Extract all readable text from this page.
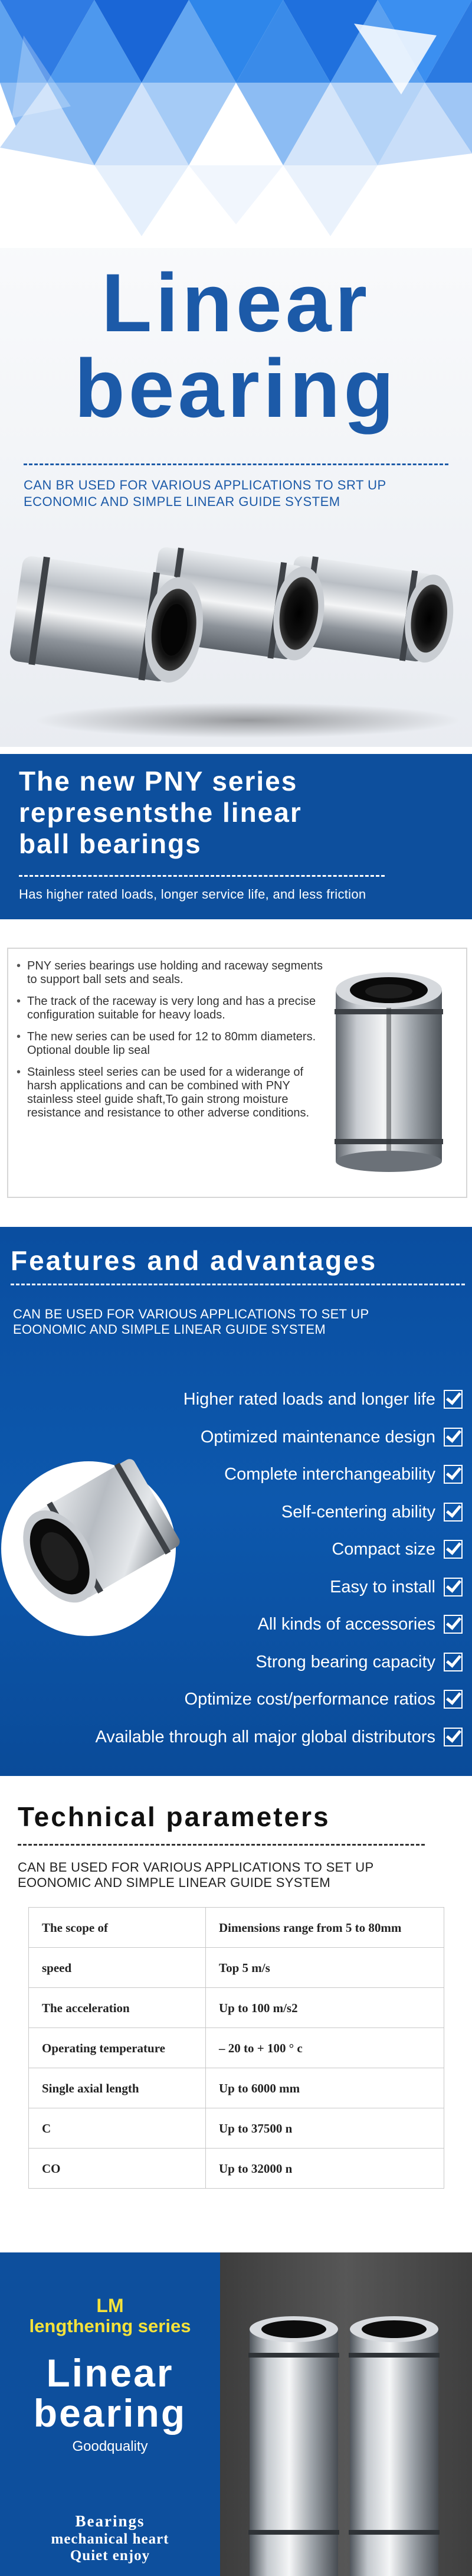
Linear
bearing
CAN BR USED FOR VARIOUS APPLICATIONS TO SRT UP
ECONOMIC AND SIMPLE LINEAR GUIDE SYSTEM
The new PNY series
representsthe linear
ball bearings
Has higher rated loads, longer service life, and less friction
• PNY series bearings use holding and raceway segments to support ball sets and seals.
• The track of the raceway is very long and has a precise configuration suitable for heavy loads.
• The new series can be used for 12 to 80mm diameters. Optional double lip seal
• Stainless steel series can be used for a widerange of harsh applications and can be combined with PNY stainless steel guide shaft,To gain strong moisture resistance and resistance to other adverse conditions.
Features and advantages
CAN BE USED FOR VARIOUS APPLICATIONS TO SET UP
EOONOMIC AND SIMPLE LINEAR GUIDE SYSTEM
Higher rated loads and longer life
Optimized maintenance design
Complete interchangeability
Self-centering ability
Compact size
Easy to install
All kinds of accessories
Strong bearing capacity
Optimize cost/performance ratios
Available through all major global distributors
Technical parameters
CAN BE USED FOR VARIOUS APPLICATIONS TO SET UP
EOONOMIC AND SIMPLE LINEAR GUIDE SYSTEM
The scope of	Dimensions range from 5 to 80mm
speed	Top 5 m/s
The acceleration	Up to 100 m/s2
Operating temperature	– 20 to + 100 ° c
Single axial length	Up to 6000 mm
C	Up to 37500 n
CO	Up to 32000 n
LM
lengthening series
Linear
bearing
Goodquality
Bearings
mechanical heart
Quiet enjoy
